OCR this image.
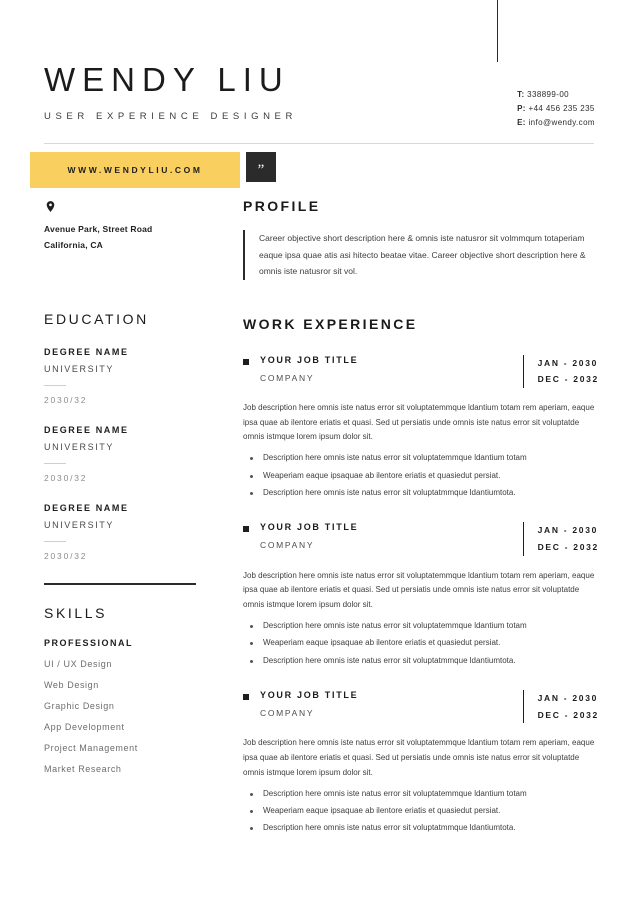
WENDY LIU
USER EXPERIENCE DESIGNER
T: 338899-00
P: +44 456 235 235
E: info@wendy.com
WWW.WENDYLIU.COM	”
Avenue Park, Street Road
California, CA
EDUCATION
DEGREE NAME
UNIVERSITY
2030/32
DEGREE NAME
UNIVERSITY
2030/32
DEGREE NAME
UNIVERSITY
2030/32
SKILLS
PROFESSIONAL
UI / UX Design
Web Design
Graphic Design
App Development
Project Management
Market Research
PROFILE
Career objective short description here & omnis iste natusror sit volmmqum totaperiam eaque ipsa quae atis asi hitecto beatae vitae. Career objective short description here & omnis iste natusror sit vol.
WORK EXPERIENCE
YOUR JOB TITLE
COMPANY
JAN - 2030
DEC - 2032
Job description here omnis iste natus error sit voluptatemmque ldantium totam rem aperiam, eaque ipsa quae ab ilentore eriatis et quasi. Sed ut persiatis unde omnis iste natus error sit voluptatde omnis istmque lorem ipsum dolor sit.
Description here omnis iste natus error sit voluptatemmque ldantium totam
Weaperiam eaque ipsaquae ab ilentore eriatis et quasiedut persiat.
Description here omnis iste natus error sit voluptatmmque ldantiumtota.
YOUR JOB TITLE
COMPANY
JAN - 2030
DEC - 2032
Job description here omnis iste natus error sit voluptatemmque ldantium totam rem aperiam, eaque ipsa quae ab ilentore eriatis et quasi. Sed ut persiatis unde omnis iste natus error sit voluptatde omnis istmque lorem ipsum dolor sit.
Description here omnis iste natus error sit voluptatemmque ldantium totam
Weaperiam eaque ipsaquae ab ilentore eriatis et quasiedut persiat.
Description here omnis iste natus error sit voluptatmmque ldantiumtota.
YOUR JOB TITLE
COMPANY
JAN - 2030
DEC - 2032
Job description here omnis iste natus error sit voluptatemmque ldantium totam rem aperiam, eaque ipsa quae ab ilentore eriatis et quasi. Sed ut persiatis unde omnis iste natus error sit voluptatde omnis istmque lorem ipsum dolor sit.
Description here omnis iste natus error sit voluptatemmque ldantium totam
Weaperiam eaque ipsaquae ab ilentore eriatis et quasiedut persiat.
Description here omnis iste natus error sit voluptatmmque ldantiumtota.
